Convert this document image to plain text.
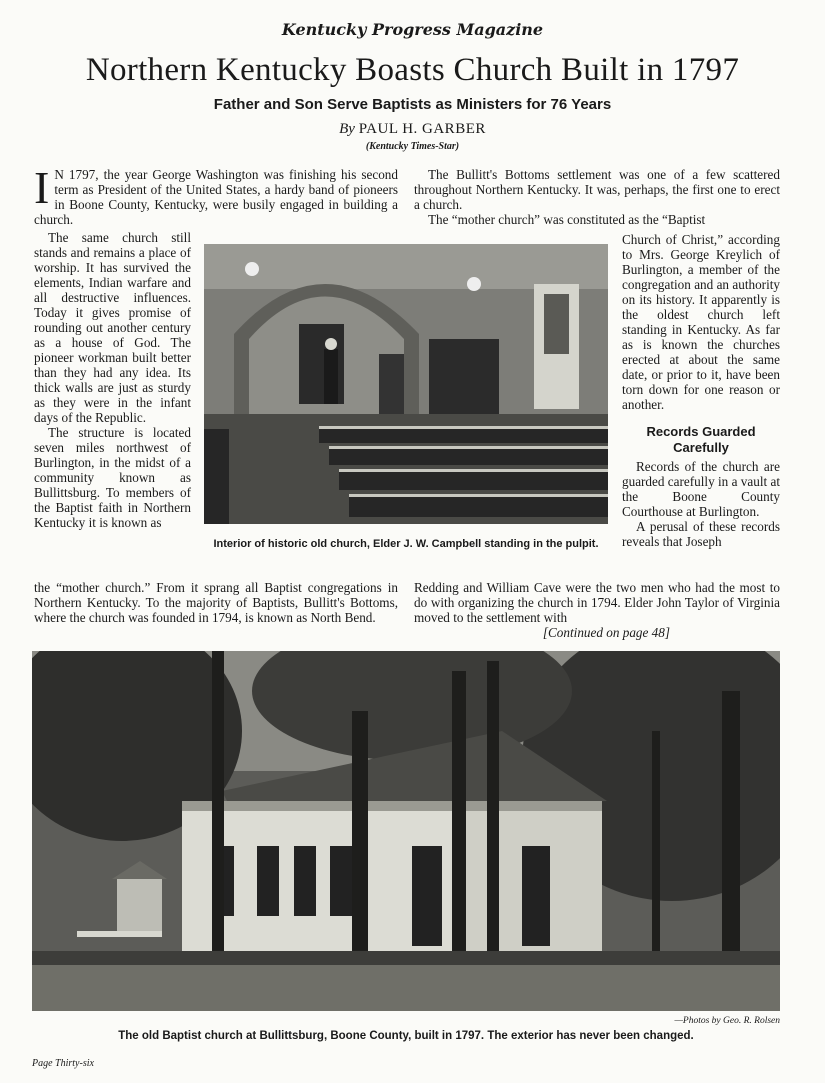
Kentucky Progress Magazine
Northern Kentucky Boasts Church Built in 1797
Father and Son Serve Baptists as Ministers for 76 Years
By PAUL H. GARBER
(Kentucky Times-Star)
I N 1797, the year George Washington was finishing his second term as President of the United States, a hardy band of pioneers in Boone County, Kentucky, were busily engaged in building a church.

The same church still stands and remains a place of worship. It has survived the elements, Indian warfare and all destructive influences. Today it gives promise of rounding out another century as a house of God. The pioneer workman built better than they had any idea. Its thick walls are just as sturdy as they were in the infant days of the Republic.

The structure is located seven miles northwest of Burlington, in the midst of a community known as Bullittsburg. To members of the Baptist faith in Northern Kentucky it is known as

the “mother church.” From it sprang all Baptist congregations in Northern Kentucky. To the majority of Baptists, Bullitt's Bottoms, where the church was founded in 1794, is known as North Bend.

The Bullitt's Bottoms settlement was one of a few scattered throughout Northern Kentucky. It was, perhaps, the first one to erect a church.

The “mother church” was constituted as the “Baptist

Church of Christ,” according to Mrs. George Kreylich of Burlington, a member of the congregation and an authority on its history. It apparently is the oldest church left standing in Kentucky. As far as is known the churches erected at about the same date, or prior to it, have been torn down for one reason or another.

Records Guarded Carefully

Records of the church are guarded carefully in a vault at the Boone County Courthouse at Burlington.

A perusal of these records reveals that Joseph

Redding and William Cave were the two men who had the most to do with organizing the church in 1794. Elder John Taylor of Virginia moved to the settlement with

[Continued on page 48]
Interior of historic old church, Elder J. W. Campbell standing in the pulpit.
—Photos by Geo. R. Rolsen
The old Baptist church at Bullittsburg, Boone County, built in 1797. The exterior has never been changed.
Page Thirty-six
